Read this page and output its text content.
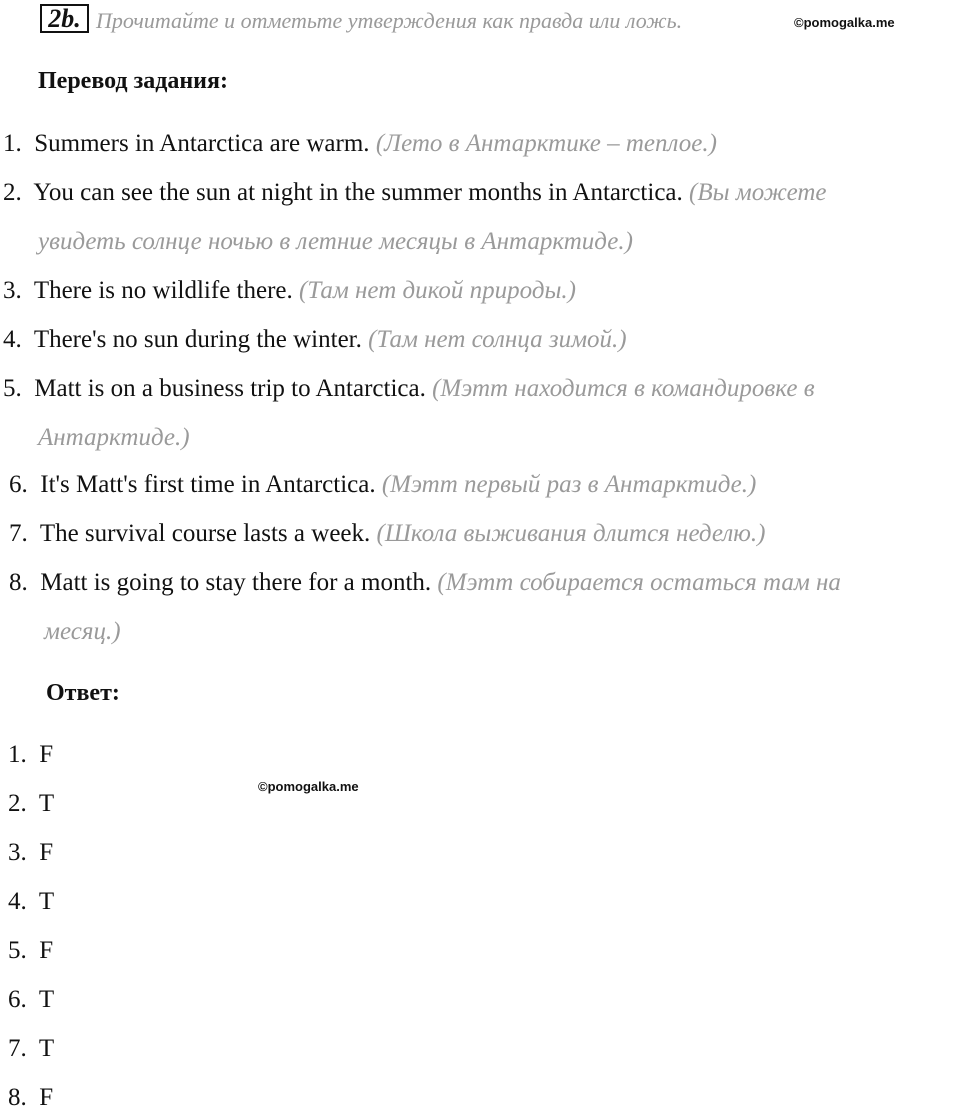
2b. Прочитайте и отметьте утверждения как правда или ложь.	©pomogalka.me
Перевод задания:
1. Summers in Antarctica are warm. (Лето в Антарктике – теплое.)
2. You can see the sun at night in the summer months in Antarctica. (Вы можете
увидеть солнце ночью в летние месяцы в Антарктиде.)
3. There is no wildlife there. (Там нет дикой природы.)
4. There's no sun during the winter. (Там нет солнца зимой.)
5. Matt is on a business trip to Antarctica. (Мэтт находится в командировке в
Антарктиде.)
6. It's Matt's first time in Antarctica. (Мэтт первый раз в Антарктиде.)
7. The survival course lasts a week. (Школа выживания длится неделю.)
8. Matt is going to stay there for a month. (Мэтт собирается остаться там на
месяц.)
Ответ:
©pomogalka.me
1. F
2. T
3. F
4. T
5. F
6. T
7. T
8. F
